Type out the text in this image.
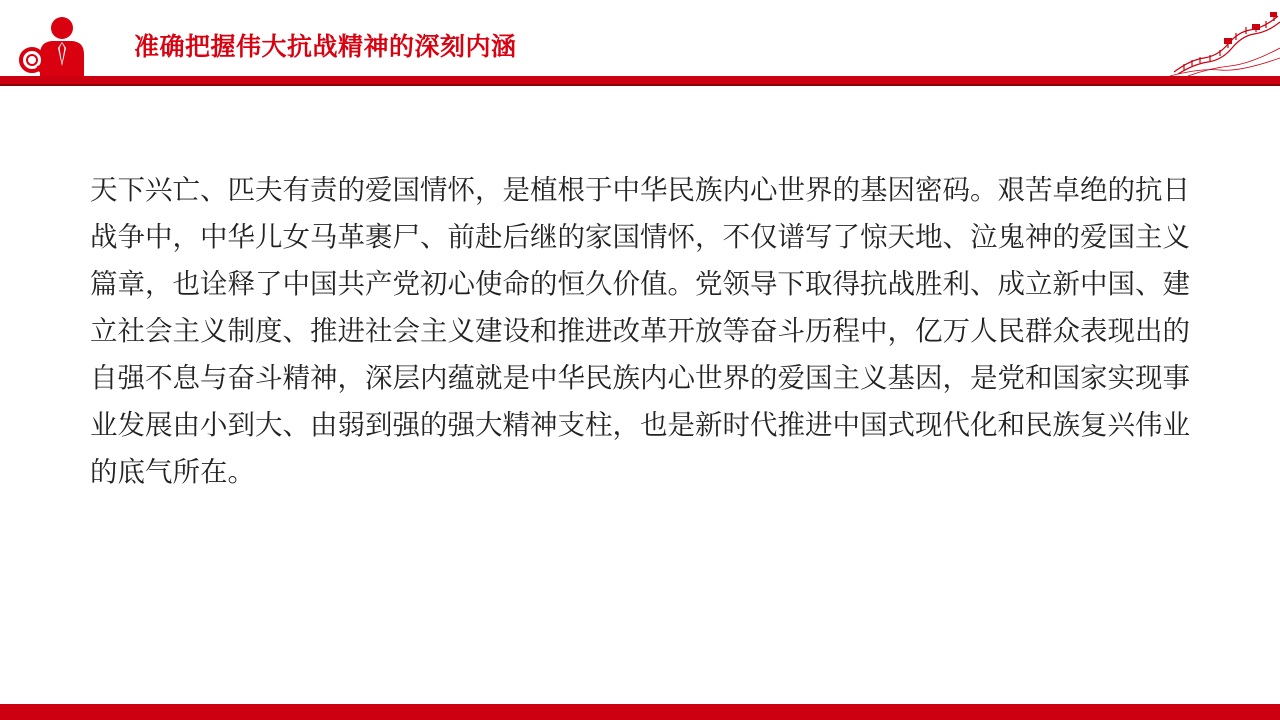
准确把握伟大抗战精神的深刻内涵
天下兴亡、匹夫有责的爱国情怀，是植根于中华民族内心世界的基因密码。艰苦卓绝的抗日战争中，中华儿女马革裹尸、前赴后继的家国情怀，不仅谱写了惊天地、泣鬼神的爱国主义篇章，也诠释了中国共产党初心使命的恒久价值。党领导下取得抗战胜利、成立新中国、建立社会主义制度、推进社会主义建设和推进改革开放等奋斗历程中，亿万人民群众表现出的自强不息与奋斗精神，深层内蕴就是中华民族内心世界的爱国主义基因，是党和国家实现事业发展由小到大、由弱到强的强大精神支柱，也是新时代推进中国式现代化和民族复兴伟业的底气所在。
